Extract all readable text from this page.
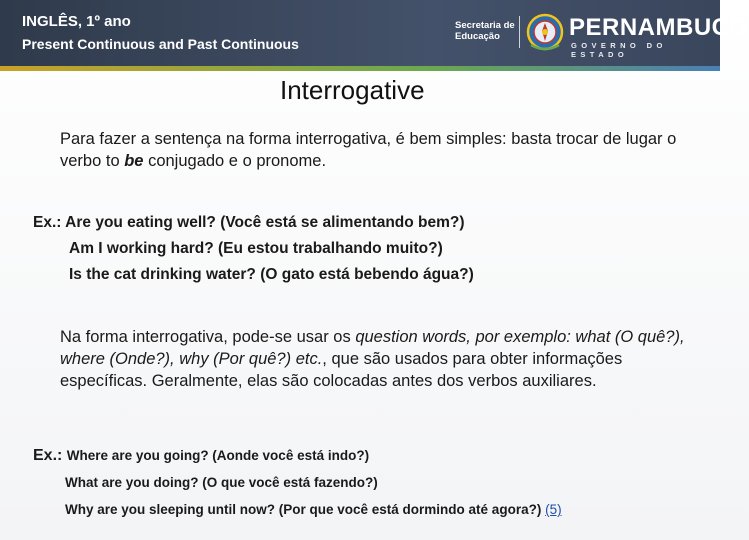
INGLÊS, 1º ano
Present Continuous and Past Continuous
Secretaria de
Educação	PERNAMBUCO
GOVERNO DO ESTADO
Interrogative
Para fazer a sentença na forma interrogativa, é bem simples: basta trocar de lugar o verbo to be conjugado e o pronome.
Ex.: Are you eating well? (Você está se alimentando bem?)
Am I working hard? (Eu estou trabalhando muito?)
Is the cat drinking water? (O gato está bebendo água?)
Na forma interrogativa, pode-se usar os question words, por exemplo: what (O quê?), where (Onde?), why (Por quê?) etc., que são usados para obter informações específicas. Geralmente, elas são colocadas antes dos verbos auxiliares.
Ex.: Where are you going? (Aonde você está indo?)
What are you doing? (O que você está fazendo?)
Why are you sleeping until now? (Por que você está dormindo até agora?) (5)
